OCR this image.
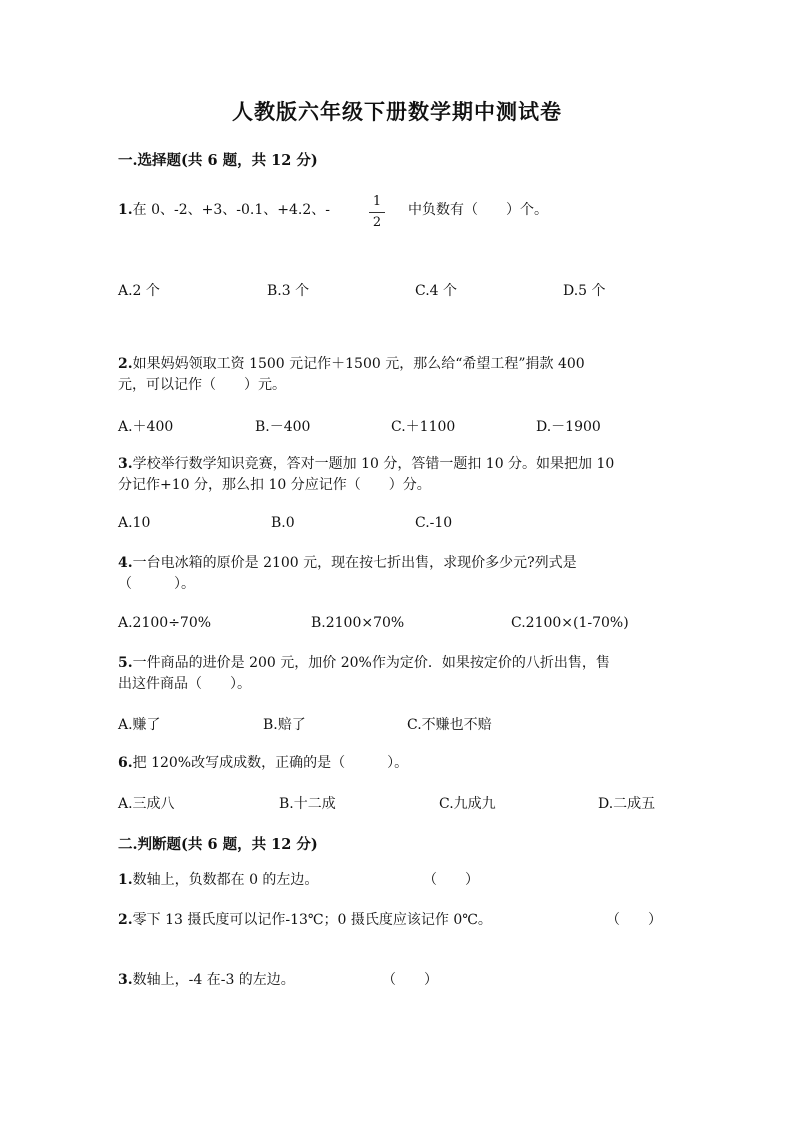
人教版六年级下册数学期中测试卷
一.选择题(共 6 题，共 12 分)
1.在 0、-2、+3、-0.1、+4.2、-
1
2
中负数有（　　）个。
A.2 个	B.3 个	C.4 个	D.5 个
2.如果妈妈领取工资 1500 元记作＋1500 元，那么给“希望工程”捐款 400
元，可以记作（　　）元。
A.＋400	B.－400	C.＋1100	D.－1900
3.学校举行数学知识竞赛，答对一题加 10 分，答错一题扣 10 分。如果把加 10
分记作+10 分，那么扣 10 分应记作（　　）分。
A.10	B.0	C.-10
4.一台电冰箱的原价是 2100 元，现在按七折出售，求现价多少元?列式是
（　　　）。
A.2100÷70%	B.2100×70%	C.2100×(1-70%)
5.一件商品的进价是 200 元，加价 20%作为定价．如果按定价的八折出售，售
出这件商品（　　）。
A.赚了	B.赔了	C.不赚也不赔
6.把 120%改写成成数，正确的是（　　　）。
A.三成八	B.十二成	C.九成九	D.二成五
二.判断题(共 6 题，共 12 分)
1.数轴上，负数都在 0 的左边。	（　　）
2.零下 13 摄氏度可以记作-13℃；0 摄氏度应该记作 0℃。	（　　）
3.数轴上，-4 在-3 的左边。	（　　）
